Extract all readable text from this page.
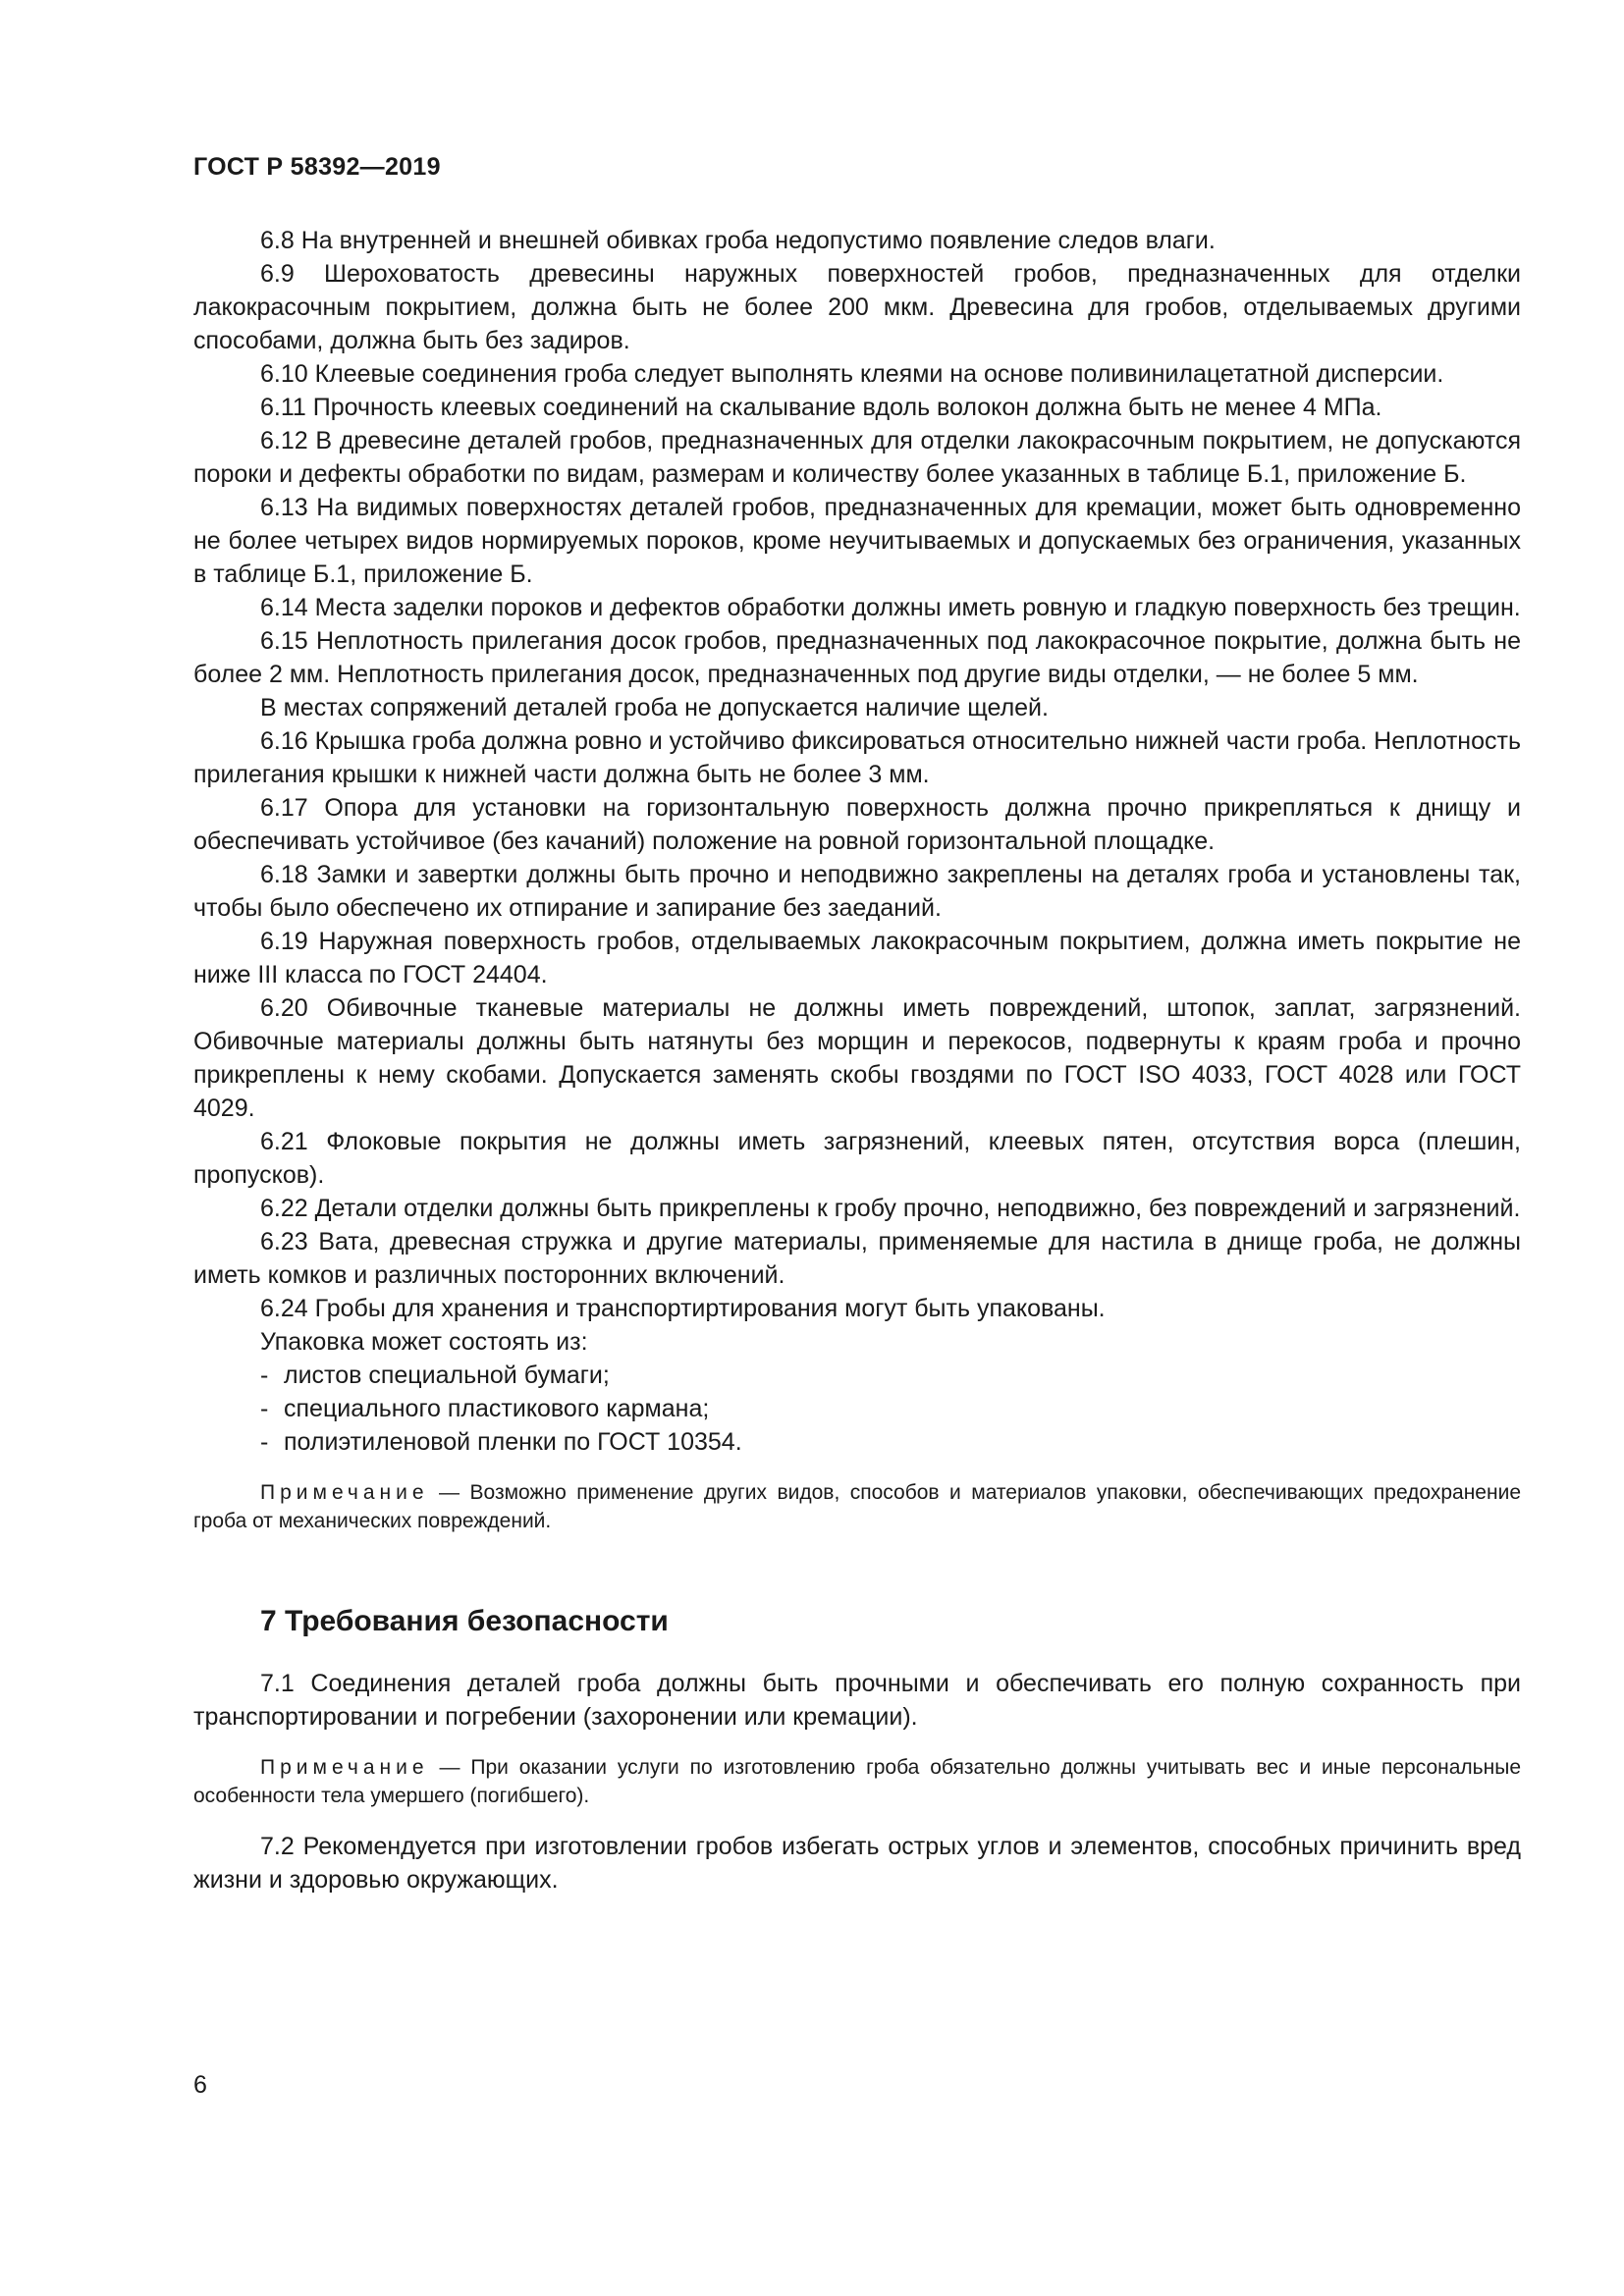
ГОСТ Р 58392—2019

6.8 На внутренней и внешней обивках гроба недопустимо появление следов влаги.

6.9 Шероховатость древесины наружных поверхностей гробов, предназначенных для отделки лакокрасочным покрытием, должна быть не более 200 мкм. Древесина для гробов, отделываемых другими способами, должна быть без задиров.

6.10 Клеевые соединения гроба следует выполнять клеями на основе поливинилацетатной дисперсии.

6.11 Прочность клеевых соединений на скалывание вдоль волокон должна быть не менее 4 МПа.

6.12 В древесине деталей гробов, предназначенных для отделки лакокрасочным покрытием, не допускаются пороки и дефекты обработки по видам, размерам и количеству более указанных в таблице Б.1, приложение Б.

6.13 На видимых поверхностях деталей гробов, предназначенных для кремации, может быть одновременно не более четырех видов нормируемых пороков, кроме неучитываемых и допускаемых без ограничения, указанных в таблице Б.1, приложение Б.

6.14 Места заделки пороков и дефектов обработки должны иметь ровную и гладкую поверхность без трещин.

6.15 Неплотность прилегания досок гробов, предназначенных под лакокрасочное покрытие, должна быть не более 2 мм. Неплотность прилегания досок, предназначенных под другие виды отделки, — не более 5 мм.

В местах сопряжений деталей гроба не допускается наличие щелей.

6.16 Крышка гроба должна ровно и устойчиво фиксироваться относительно нижней части гроба. Неплотность прилегания крышки к нижней части должна быть не более 3 мм.

6.17 Опора для установки на горизонтальную поверхность должна прочно прикрепляться к днищу и обеспечивать устойчивое (без качаний) положение на ровной горизонтальной площадке.

6.18 Замки и завертки должны быть прочно и неподвижно закреплены на деталях гроба и установлены так, чтобы было обеспечено их отпирание и запирание без заеданий.

6.19 Наружная поверхность гробов, отделываемых лакокрасочным покрытием, должна иметь покрытие не ниже III класса по ГОСТ 24404.

6.20 Обивочные тканевые материалы не должны иметь повреждений, штопок, заплат, загрязнений. Обивочные материалы должны быть натянуты без морщин и перекосов, подвернуты к краям гроба и прочно прикреплены к нему скобами. Допускается заменять скобы гвоздями по ГОСТ ISO 4033, ГОСТ 4028 или ГОСТ 4029.

6.21 Флоковые покрытия не должны иметь загрязнений, клеевых пятен, отсутствия ворса (плешин, пропусков).

6.22 Детали отделки должны быть прикреплены к гробу прочно, неподвижно, без повреждений и загрязнений.

6.23 Вата, древесная стружка и другие материалы, применяемые для настила в днище гроба, не должны иметь комков и различных посторонних включений.

6.24 Гробы для хранения и транспортиртирования могут быть упакованы.

Упаковка может состоять из:

- листов специальной бумаги;

- специального пластикового кармана;

- полиэтиленовой пленки по ГОСТ 10354.

Примечание — Возможно применение других видов, способов и материалов упаковки, обеспечивающих предохранение гроба от механических повреждений.

7 Требования безопасности

7.1 Соединения деталей гроба должны быть прочными и обеспечивать его полную сохранность при транспортировании и погребении (захоронении или кремации).

Примечание — При оказании услуги по изготовлению гроба обязательно должны учитывать вес и иные персональные особенности тела умершего (погибшего).

7.2 Рекомендуется при изготовлении гробов избегать острых углов и элементов, способных причинить вред жизни и здоровью окружающих.

6
